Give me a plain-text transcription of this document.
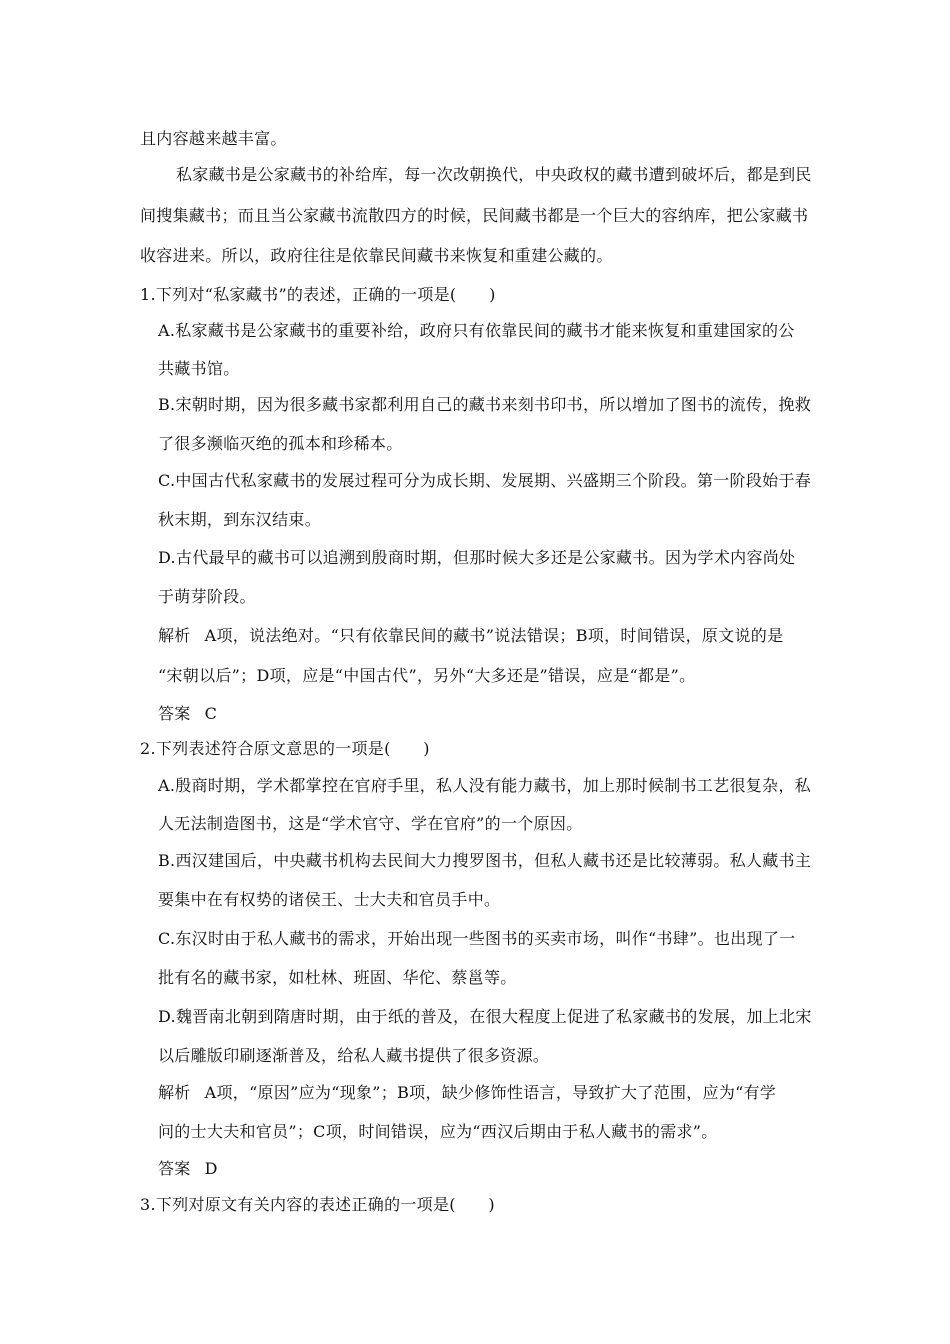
且内容越来越丰富。

私家藏书是公家藏书的补给库，每一次改朝换代，中央政权的藏书遭到破坏后，都是到民

间搜集藏书；而且当公家藏书流散四方的时候，民间藏书都是一个巨大的容纳库，把公家藏书

收容进来。所以，政府往往是依靠民间藏书来恢复和重建公藏的。

1.下列对“私家藏书”的表述，正确的一项是(　　)

A.私家藏书是公家藏书的重要补给，政府只有依靠民间的藏书才能来恢复和重建国家的公

共藏书馆。

B.宋朝时期，因为很多藏书家都利用自己的藏书来刻书印书，所以增加了图书的流传，挽救

了很多濒临灭绝的孤本和珍稀本。

C.中国古代私家藏书的发展过程可分为成长期、发展期、兴盛期三个阶段。第一阶段始于春

秋末期，到东汉结束。

D.古代最早的藏书可以追溯到殷商时期，但那时候大多还是公家藏书。因为学术内容尚处

于萌芽阶段。

解析 A项，说法绝对。“只有依靠民间的藏书”说法错误；B项，时间错误，原文说的是

“宋朝以后”；D项，应是“中国古代”，另外“大多还是”错误，应是“都是”。

答案 C

2.下列表述符合原文意思的一项是(　　)

A.殷商时期，学术都掌控在官府手里，私人没有能力藏书，加上那时候制书工艺很复杂，私

人无法制造图书，这是“学术官守、学在官府”的一个原因。

B.西汉建国后，中央藏书机构去民间大力搜罗图书，但私人藏书还是比较薄弱。私人藏书主

要集中在有权势的诸侯王、士大夫和官员手中。

C.东汉时由于私人藏书的需求，开始出现一些图书的买卖市场，叫作“书肆”。也出现了一

批有名的藏书家，如杜林、班固、华佗、蔡邕等。

D.魏晋南北朝到隋唐时期，由于纸的普及，在很大程度上促进了私家藏书的发展，加上北宋

以后雕版印刷逐渐普及，给私人藏书提供了很多资源。

解析 A项，“原因”应为“现象”；B项，缺少修饰性语言，导致扩大了范围，应为“有学

问的士大夫和官员”；C项，时间错误，应为“西汉后期由于私人藏书的需求”。

答案 D

3.下列对原文有关内容的表述正确的一项是(　　)
